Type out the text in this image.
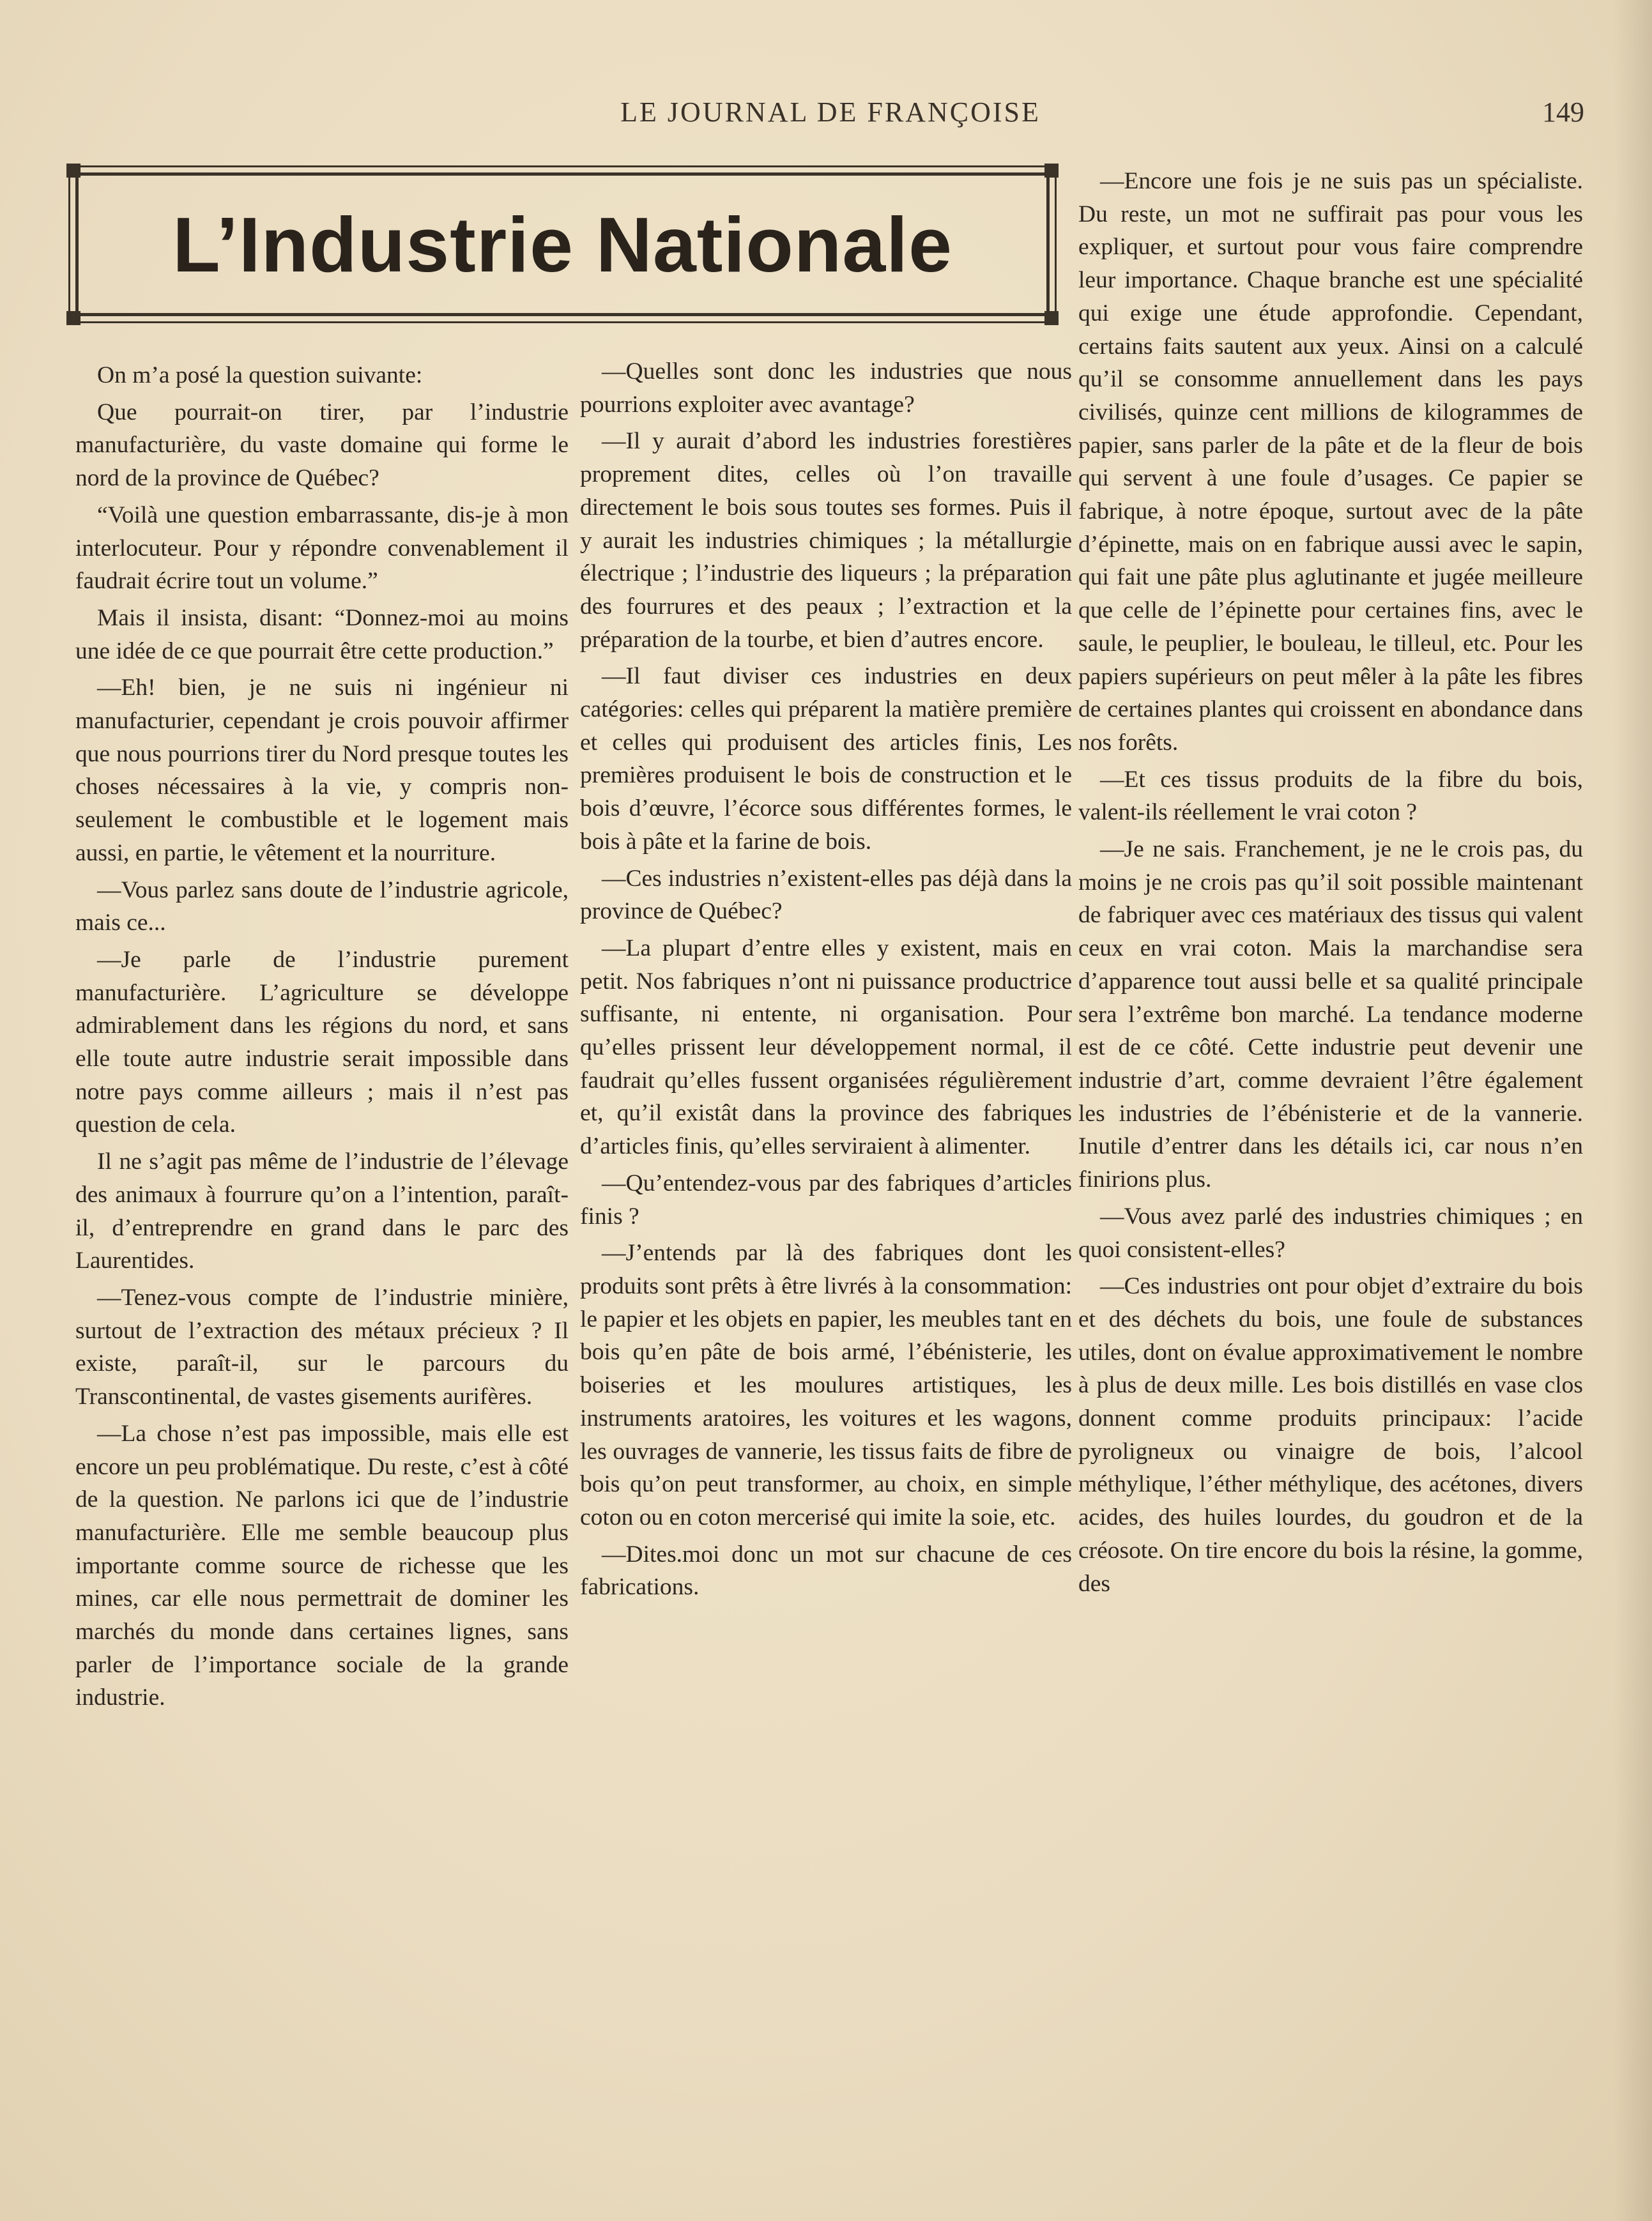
LE JOURNAL DE FRANÇOISE	149
L’Industrie Nationale

On m’a posé la question suivante:

Que pourrait-on tirer, par l’industrie manufacturière, du vaste domaine qui forme le nord de la province de Québec?

“Voilà une question embarrassante, dis-je à mon interlocuteur. Pour y répondre convenablement il faudrait écrire tout un volume.”

Mais il insista, disant: “Donnez-moi au moins une idée de ce que pourrait être cette production.”

—Eh! bien, je ne suis ni ingénieur ni manufacturier, cependant je crois pouvoir affirmer que nous pourrions tirer du Nord presque toutes les choses nécessaires à la vie, y compris non-seulement le combustible et le logement mais aussi, en partie, le vêtement et la nourriture.

—Vous parlez sans doute de l’industrie agricole, mais ce...

—Je parle de l’industrie purement manufacturière. L’agriculture se développe admirablement dans les régions du nord, et sans elle toute autre industrie serait impossible dans notre pays comme ailleurs ; mais il n’est pas question de cela.

Il ne s’agit pas même de l’industrie de l’élevage des animaux à fourrure qu’on a l’intention, paraît-il, d’entreprendre en grand dans le parc des Laurentides.

—Tenez-vous compte de l’industrie minière, surtout de l’extraction des métaux précieux ? Il existe, paraît-il, sur le parcours du Transcontinental, de vastes gisements aurifères.

—La chose n’est pas impossible, mais elle est encore un peu problématique. Du reste, c’est à côté de la question. Ne parlons ici que de l’industrie manufacturière. Elle me semble beaucoup plus importante comme source de richesse que les mines, car elle nous permettrait de dominer les marchés du monde dans certaines lignes, sans parler de l’importance sociale de la grande industrie.

—Quelles sont donc les industries que nous pourrions exploiter avec avantage?

—Il y aurait d’abord les industries forestières proprement dites, celles où l’on travaille directement le bois sous toutes ses formes. Puis il y aurait les industries chimiques ; la métallurgie électrique ; l’industrie des liqueurs ; la préparation des fourrures et des peaux ; l’extraction et la préparation de la tourbe, et bien d’autres encore.

—Il faut diviser ces industries en deux catégories: celles qui préparent la matière première et celles qui produisent des articles finis, Les premières produisent le bois de construction et le bois d’œuvre, l’écorce sous différentes formes, le bois à pâte et la farine de bois.

—Ces industries n’existent-elles pas déjà dans la province de Québec?

—La plupart d’entre elles y existent, mais en petit. Nos fabriques n’ont ni puissance productrice suffisante, ni entente, ni organisation. Pour qu’elles prissent leur développement normal, il faudrait qu’elles fussent organisées régulièrement et, qu’il existât dans la province des fabriques d’articles finis, qu’elles serviraient à alimenter.

—Qu’entendez-vous par des fabriques d’articles finis ?

—J’entends par là des fabriques dont les produits sont prêts à être livrés à la consommation: le papier et les objets en papier, les meubles tant en bois qu’en pâte de bois armé, l’ébénisterie, les boiseries et les moulures artistiques, les instruments aratoires, les voitures et les wagons, les ouvrages de vannerie, les tissus faits de fibre de bois qu’on peut transformer, au choix, en simple coton ou en coton mercerisé qui imite la soie, etc.

—Dites.moi donc un mot sur chacune de ces fabrications.

—Encore une fois je ne suis pas un spécialiste. Du reste, un mot ne suffirait pas pour vous les expliquer, et surtout pour vous faire comprendre leur importance. Chaque branche est une spécialité qui exige une étude approfondie. Cependant, certains faits sautent aux yeux. Ainsi on a calculé qu’il se consomme annuellement dans les pays civilisés, quinze cent millions de kilogrammes de papier, sans parler de la pâte et de la fleur de bois qui servent à une foule d’usages. Ce papier se fabrique, à notre époque, surtout avec de la pâte d’épinette, mais on en fabrique aussi avec le sapin, qui fait une pâte plus aglutinante et jugée meilleure que celle de l’épinette pour certaines fins, avec le saule, le peuplier, le bouleau, le tilleul, etc. Pour les papiers supérieurs on peut mêler à la pâte les fibres de certaines plantes qui croissent en abondance dans nos forêts.

—Et ces tissus produits de la fibre du bois, valent-ils réellement le vrai coton ?

—Je ne sais. Franchement, je ne le crois pas, du moins je ne crois pas qu’il soit possible maintenant de fabriquer avec ces matériaux des tissus qui valent ceux en vrai coton. Mais la marchandise sera d’apparence tout aussi belle et sa qualité principale sera l’extrême bon marché. La tendance moderne est de ce côté. Cette industrie peut devenir une industrie d’art, comme devraient l’être également les industries de l’ébénisterie et de la vannerie. Inutile d’entrer dans les détails ici, car nous n’en finirions plus.

—Vous avez parlé des industries chimiques ; en quoi consistent-elles?

—Ces industries ont pour objet d’extraire du bois et des déchets du bois, une foule de substances utiles, dont on évalue approximativement le nombre à plus de deux mille. Les bois distillés en vase clos donnent comme produits principaux: l’acide pyroligneux ou vinaigre de bois, l’alcool méthylique, l’éther méthylique, des acétones, divers acides, des huiles lourdes, du goudron et de la créosote. On tire encore du bois la résine, la gomme, des
